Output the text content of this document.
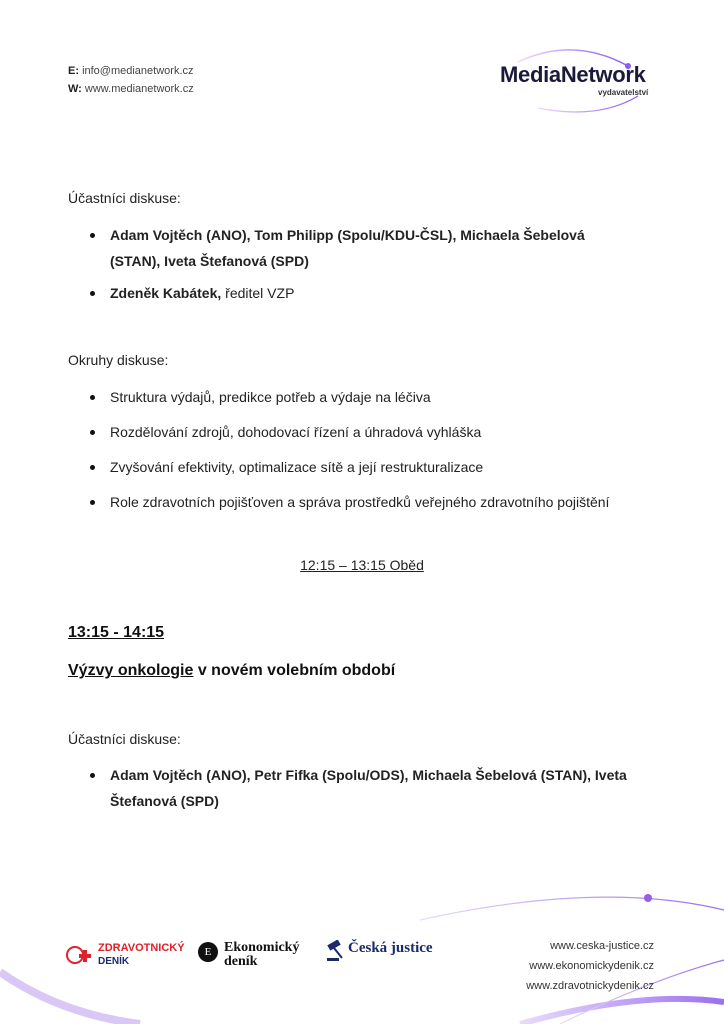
E: info@medianetwork.cz
W: www.medianetwork.cz
MediaNetwork
vydavatelství
Účastníci diskuse:
Adam Vojtěch (ANO), Tom Philipp (Spolu/KDU-ČSL), Michaela Šebelová
(STAN), Iveta Štefanová (SPD)
Zdeněk Kabátek, ředitel VZP
Okruhy diskuse:
Struktura výdajů, predikce potřeb a výdaje na léčiva
Rozdělování zdrojů, dohodovací řízení a úhradová vyhláška
Zvyšování efektivity, optimalizace sítě a její restrukturalizace
Role zdravotních pojišťoven a správa prostředků veřejného zdravotního pojištění
12:15 – 13:15 Oběd
13:15 - 14:15
Výzvy onkologie v novém volebním období
Účastníci diskuse:
Adam Vojtěch (ANO), Petr Fifka (Spolu/ODS), Michaela Šebelová (STAN), Iveta
Štefanová (SPD)
ZDRAVOTNICKÝ
DENÍK
E Ekonomický
deník
Česká justice	www.ceska-justice.cz
www.ekonomickydenik.cz
www.zdravotnickydenik.cz
